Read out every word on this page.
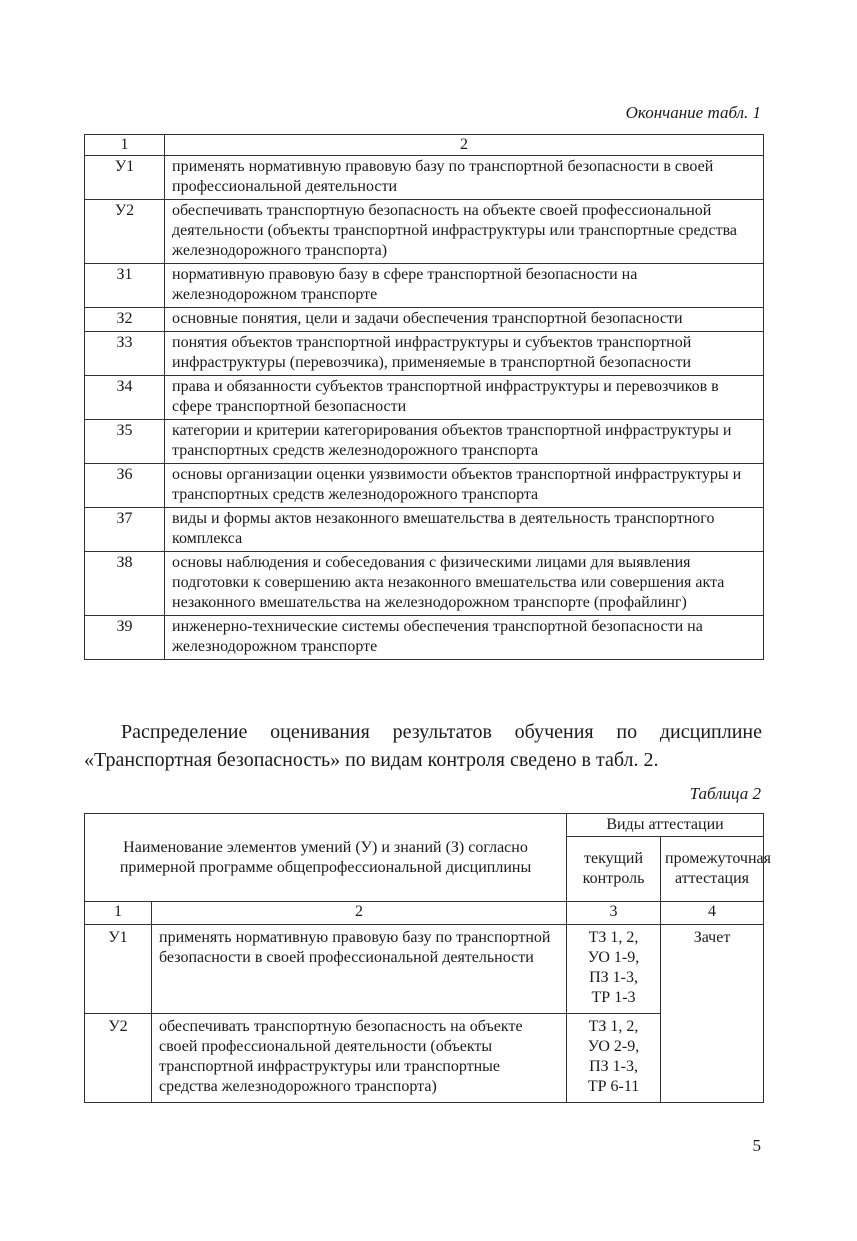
Окончание табл. 1
1	2
У1	применять нормативную правовую базу по транспортной безопасности в своей профессиональной деятельности
У2	обеспечивать транспортную безопасность на объекте своей профессиональной деятельности (объекты транспортной инфраструктуры или транспортные средства железнодорожного транспорта)
З1	нормативную правовую базу в сфере транспортной безопасности на железнодорожном транспорте
З2	основные понятия, цели и задачи обеспечения транспортной безопасности
З3	понятия объектов транспортной инфраструктуры и субъектов транспортной инфраструктуры (перевозчика), применяемые в транспортной безопасности
З4	права и обязанности субъектов транспортной инфраструктуры и перевозчиков в сфере транспортной безопасности
З5	категории и критерии категорирования объектов транспортной инфраструктуры и транспортных средств железнодорожного транспорта
З6	основы организации оценки уязвимости объектов транспортной инфраструктуры и транспортных средств железнодорожного транспорта
З7	виды и формы актов незаконного вмешательства в деятельность транспортного комплекса
З8	основы наблюдения и собеседования с физическими лицами для выявления подготовки к совершению акта незаконного вмешательства или совершения акта незаконного вмешательства на железнодорожном транспорте (профайлинг)
З9	инженерно-технические системы обеспечения транспортной безопасности на железнодорожном транспорте

Распределение оценивания результатов обучения по дисциплине «Транспортная безопасность» по видам контроля сведено в табл. 2.

Таблица 2
Наименование элементов умений (У) и знаний (З) согласно примерной программе общепрофессиональной дисциплины		Виды аттестации	
		текущий контроль	промежуточная аттестация
1	2	3	4
У1	применять нормативную правовую базу по транспортной безопасности в своей профессиональной деятельности	ТЗ 1, 2,
УО 1-9,
ПЗ 1-3,
ТР 1-3	Зачет
У2	обеспечивать транспортную безопасность на объекте своей профессиональной деятельности (объекты транспортной инфраструктуры или транспортные средства железнодорожного транспорта)	ТЗ 1, 2,
УО 2-9,
ПЗ 1-3,
ТР 6-11	
5
